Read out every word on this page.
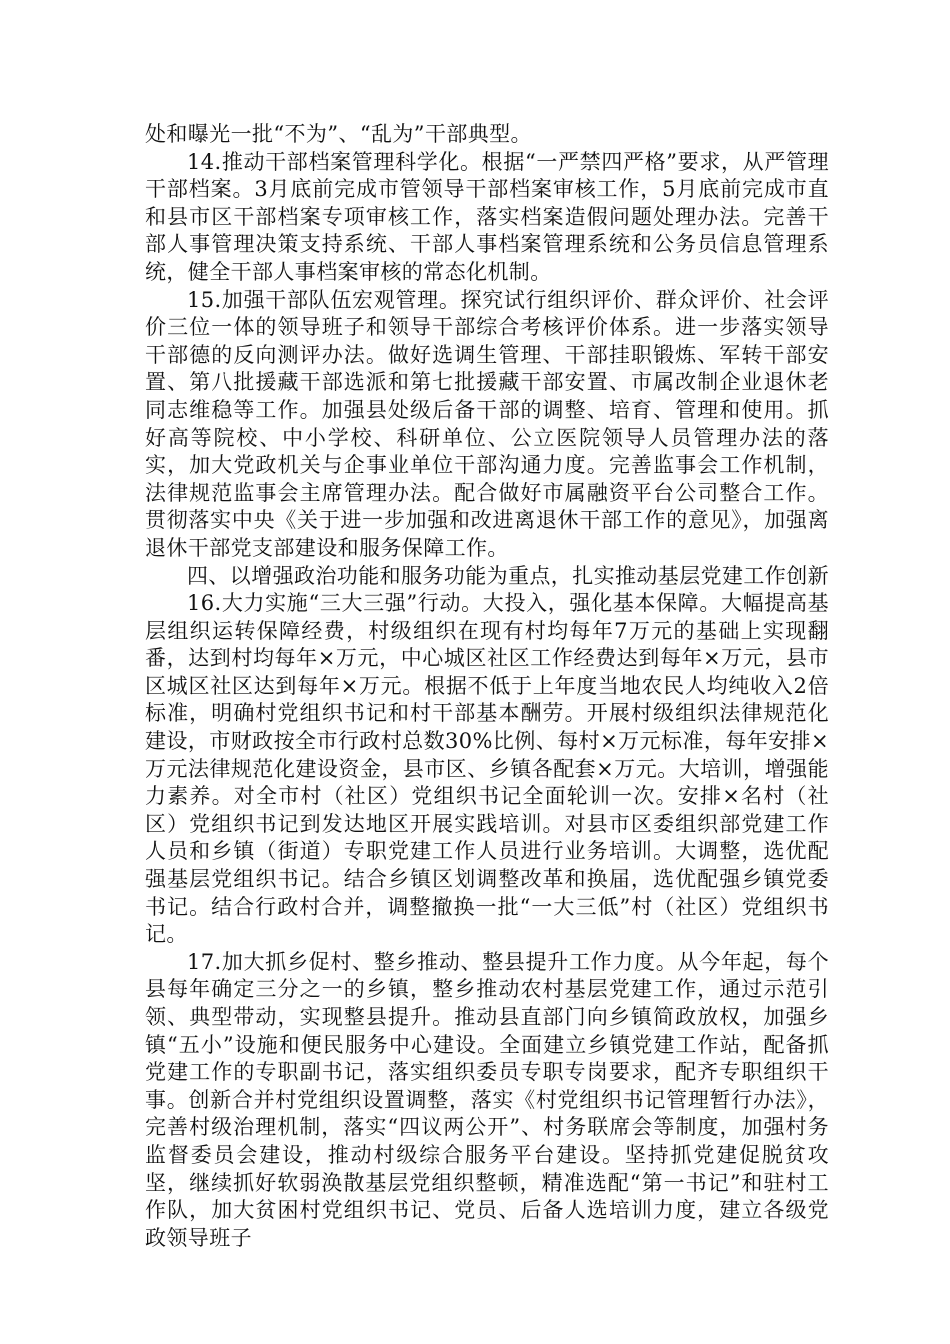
处和曝光一批“不为”、“乱为”干部典型。

14.推动干部档案管理科学化。根据“一严禁四严格”要求，从严管理干部档案。3月底前完成市管领导干部档案审核工作，5月底前完成市直和县市区干部档案专项审核工作，落实档案造假问题处理办法。完善干部人事管理决策支持系统、干部人事档案管理系统和公务员信息管理系统，健全干部人事档案审核的常态化机制。

15.加强干部队伍宏观管理。探究试行组织评价、群众评价、社会评价三位一体的领导班子和领导干部综合考核评价体系。进一步落实领导干部德的反向测评办法。做好选调生管理、干部挂职锻炼、军转干部安置、第八批援藏干部选派和第七批援藏干部安置、市属改制企业退休老同志维稳等工作。加强县处级后备干部的调整、培育、管理和使用。抓好高等院校、中小学校、科研单位、公立医院领导人员管理办法的落实，加大党政机关与企事业单位干部沟通力度。完善监事会工作机制，法律规范监事会主席管理办法。配合做好市属融资平台公司整合工作。贯彻落实中央《关于进一步加强和改进离退休干部工作的意见》，加强离退休干部党支部建设和服务保障工作。

四、以增强政治功能和服务功能为重点，扎实推动基层党建工作创新

16.大力实施“三大三强”行动。大投入，强化基本保障。大幅提高基层组织运转保障经费，村级组织在现有村均每年7万元的基础上实现翻番，达到村均每年×万元，中心城区社区工作经费达到每年×万元，县市区城区社区达到每年×万元。根据不低于上年度当地农民人均纯收入2倍标准，明确村党组织书记和村干部基本酬劳。开展村级组织法律规范化建设，市财政按全市行政村总数30%比例、每村×万元标准，每年安排×万元法律规范化建设资金，县市区、乡镇各配套×万元。大培训，增强能力素养。对全市村（社区）党组织书记全面轮训一次。安排×名村（社区）党组织书记到发达地区开展实践培训。对县市区委组织部党建工作人员和乡镇（街道）专职党建工作人员进行业务培训。大调整，选优配强基层党组织书记。结合乡镇区划调整改革和换届，选优配强乡镇党委书记。结合行政村合并，调整撤换一批“一大三低”村（社区）党组织书记。

17.加大抓乡促村、整乡推动、整县提升工作力度。从今年起，每个县每年确定三分之一的乡镇，整乡推动农村基层党建工作，通过示范引领、典型带动，实现整县提升。推动县直部门向乡镇简政放权，加强乡镇“五小”设施和便民服务中心建设。全面建立乡镇党建工作站，配备抓党建工作的专职副书记，落实组织委员专职专岗要求，配齐专职组织干事。创新合并村党组织设置调整，落实《村党组织书记管理暂行办法》，完善村级治理机制，落实“四议两公开”、村务联席会等制度，加强村务监督委员会建设，推动村级综合服务平台建设。坚持抓党建促脱贫攻坚，继续抓好软弱涣散基层党组织整顿，精准选配“第一书记”和驻村工作队，加大贫困村党组织书记、党员、后备人选培训力度，建立各级党政领导班子
